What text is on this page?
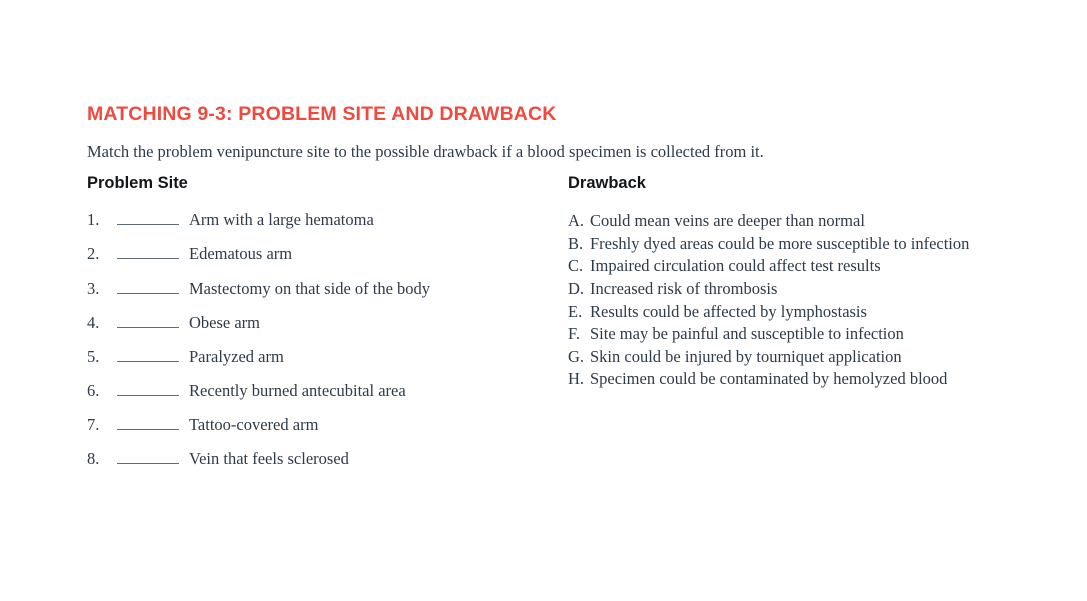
MATCHING 9-3: PROBLEM SITE AND DRAWBACK
Match the problem venipuncture site to the possible drawback if a blood specimen is collected from it.
Problem Site
1.	Arm with a large hematoma
2.	Edematous arm
3.	Mastectomy on that side of the body
4.	Obese arm
5.	Paralyzed arm
6.	Recently burned antecubital area
7.	Tattoo-covered arm
8.	Vein that feels sclerosed
Drawback
A. Could mean veins are deeper than normal
B. Freshly dyed areas could be more susceptible to infection
C. Impaired circulation could affect test results
D. Increased risk of thrombosis
E. Results could be affected by lymphostasis
F. Site may be painful and susceptible to infection
G. Skin could be injured by tourniquet application
H. Specimen could be contaminated by hemolyzed blood
